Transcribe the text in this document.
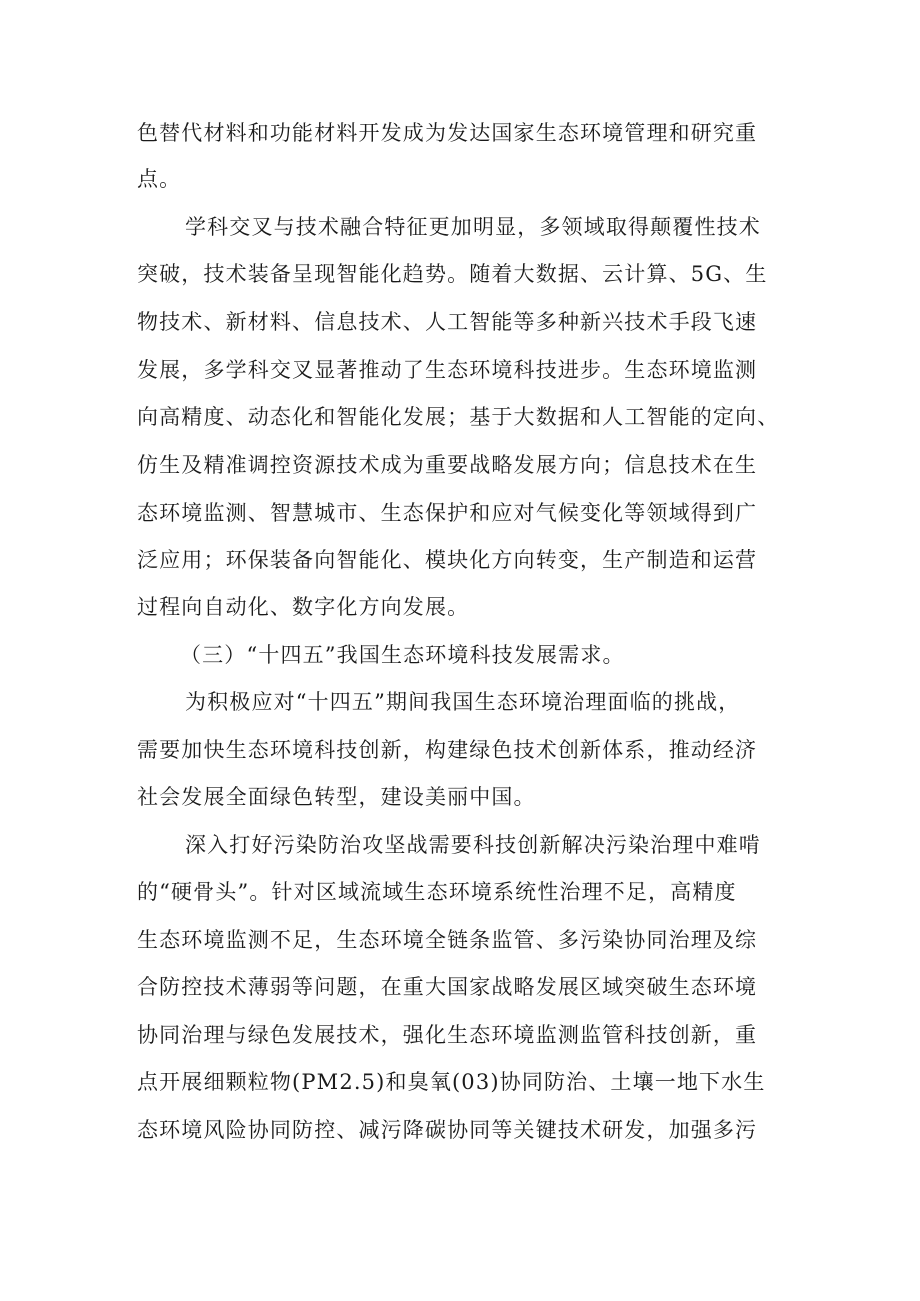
色替代材料和功能材料开发成为发达国家生态环境管理和研究重
点。
学科交叉与技术融合特征更加明显，多领域取得颠覆性技术
突破，技术装备呈现智能化趋势。随着大数据、云计算、5G、生
物技术、新材料、信息技术、人工智能等多种新兴技术手段飞速
发展，多学科交叉显著推动了生态环境科技进步。生态环境监测
向高精度、动态化和智能化发展；基于大数据和人工智能的定向、
仿生及精准调控资源技术成为重要战略发展方向；信息技术在生
态环境监测、智慧城市、生态保护和应对气候变化等领域得到广
泛应用；环保装备向智能化、模块化方向转变，生产制造和运营
过程向自动化、数字化方向发展。
（三）“十四五”我国生态环境科技发展需求。
为积极应对“十四五”期间我国生态环境治理面临的挑战，
需要加快生态环境科技创新，构建绿色技术创新体系，推动经济
社会发展全面绿色转型，建设美丽中国。
深入打好污染防治攻坚战需要科技创新解决污染治理中难啃
的“硬骨头”。针对区域流域生态环境系统性治理不足，高精度
生态环境监测不足，生态环境全链条监管、多污染协同治理及综
合防控技术薄弱等问题，在重大国家战略发展区域突破生态环境
协同治理与绿色发展技术，强化生态环境监测监管科技创新，重
点开展细颗粒物(PM2.5)和臭氧(03)协同防治、土壤一地下水生
态环境风险协同防控、减污降碳协同等关键技术研发，加强多污
